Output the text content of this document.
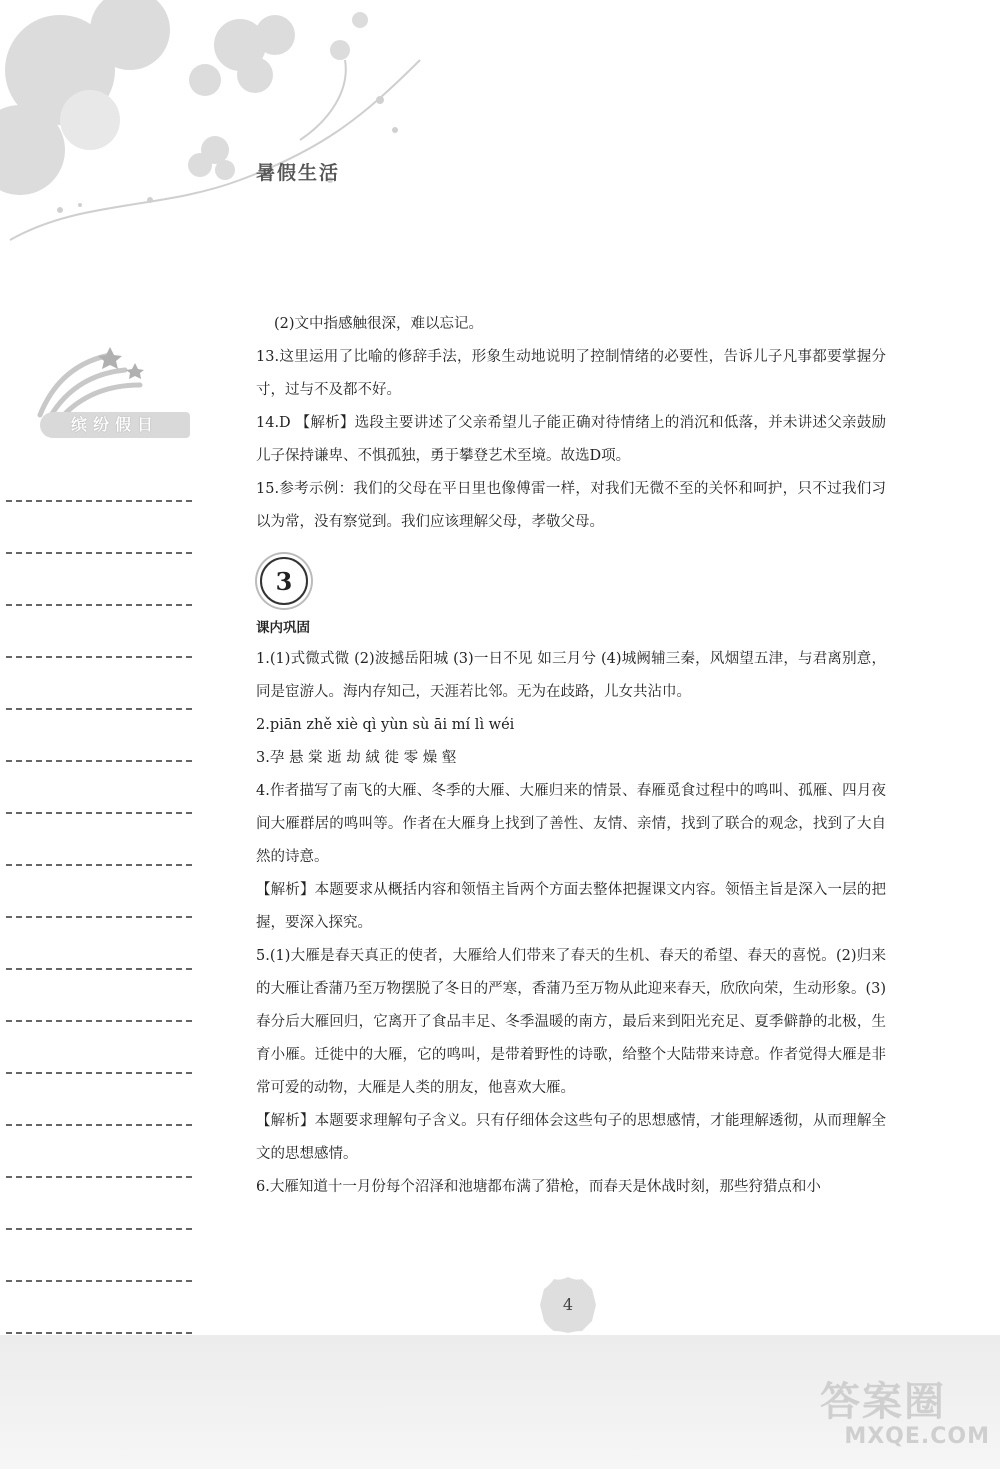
暑假生活
缤纷假日

(2)文中指感触很深，难以忘记。

13.这里运用了比喻的修辞手法，形象生动地说明了控制情绪的必要性，告诉儿子凡事都要掌握分寸，过与不及都不好。

14.D 【解析】选段主要讲述了父亲希望儿子能正确对待情绪上的消沉和低落，并未讲述父亲鼓励儿子保持谦卑、不惧孤独，勇于攀登艺术至境。故选D项。

15.参考示例：我们的父母在平日里也像傅雷一样，对我们无微不至的关怀和呵护，只不过我们习以为常，没有察觉到。我们应该理解父母，孝敬父母。

3
课内巩固

1.(1)式微式微 (2)波撼岳阳城 (3)一日不见 如三月兮 (4)城阙辅三秦，风烟望五津，与君离别意，同是宦游人。海内存知己，天涯若比邻。无为在歧路，儿女共沾巾。

2.piān zhě xiè qì yùn sù āi mí lì wéi

3.孕 悬 棠 逝 劫 絨 徙 零 燥 壑

4.作者描写了南飞的大雁、冬季的大雁、大雁归来的情景、春雁觅食过程中的鸣叫、孤雁、四月夜间大雁群居的鸣叫等。作者在大雁身上找到了善性、友情、亲情，找到了联合的观念，找到了大自然的诗意。

【解析】本题要求从概括内容和领悟主旨两个方面去整体把握课文内容。领悟主旨是深入一层的把握，要深入探究。

5.(1)大雁是春天真正的使者，大雁给人们带来了春天的生机、春天的希望、春天的喜悦。(2)归来的大雁让香蒲乃至万物摆脱了冬日的严寒，香蒲乃至万物从此迎来春天，欣欣向荣，生动形象。(3)春分后大雁回归，它离开了食品丰足、冬季温暖的南方，最后来到阳光充足、夏季僻静的北极，生育小雁。迁徙中的大雁，它的鸣叫，是带着野性的诗歌，给整个大陆带来诗意。作者觉得大雁是非常可爱的动物，大雁是人类的朋友，他喜欢大雁。

【解析】本题要求理解句子含义。只有仔细体会这些句子的思想感情，才能理解透彻，从而理解全文的思想感情。

6.大雁知道十一月份每个沼泽和池塘都布满了猎枪，而春天是休战时刻，那些狩猎点和小

4
答案圈
MXQE.COM
